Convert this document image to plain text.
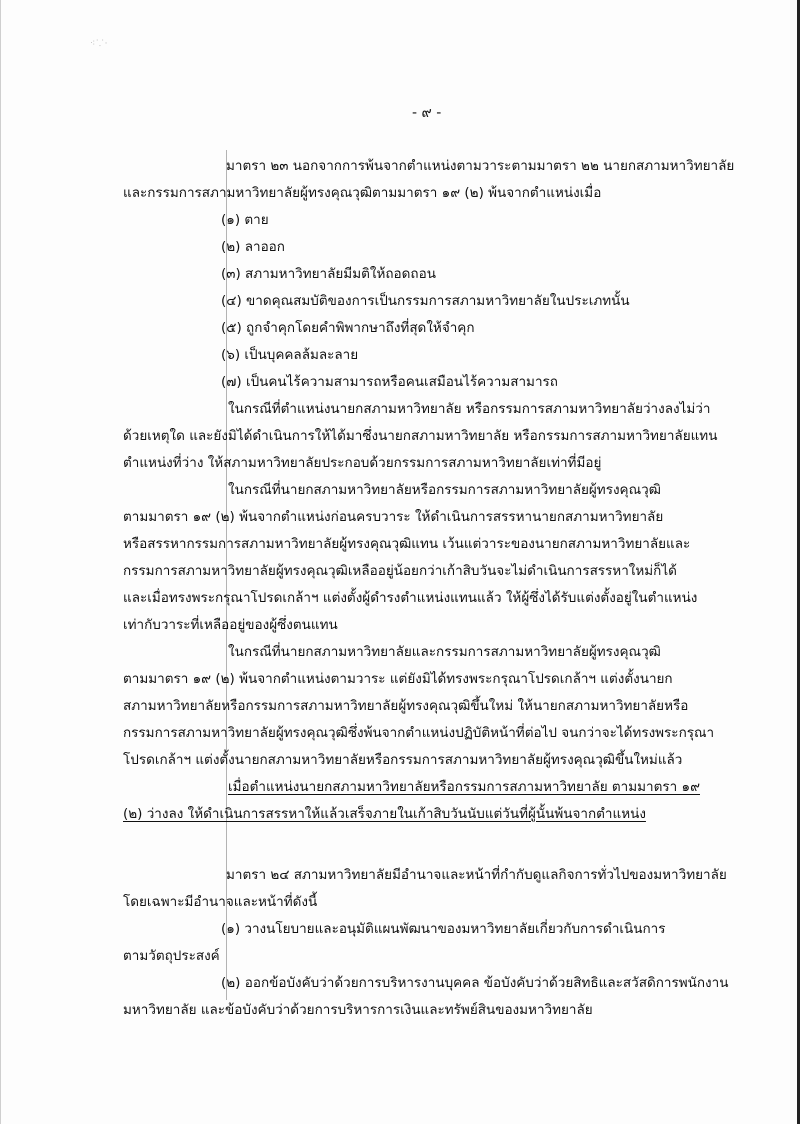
⁖⸪·
- ๙ -
มาตรา ๒๓ นอกจากการพ้นจากตำแหน่งตามวาระตามมาตรา ๒๒ นายกสภามหาวิทยาลัย
และกรรมการสภามหาวิทยาลัยผู้ทรงคุณวุฒิตามมาตรา ๑๙ (๒) พ้นจากตำแหน่งเมื่อ
(๑) ตาย
(๒) ลาออก
(๓) สภามหาวิทยาลัยมีมติให้ถอดถอน
(๔) ขาดคุณสมบัติของการเป็นกรรมการสภามหาวิทยาลัยในประเภทนั้น
(๕) ถูกจำคุกโดยคำพิพากษาถึงที่สุดให้จำคุก
(๖) เป็นบุคคลล้มละลาย
(๗) เป็นคนไร้ความสามารถหรือคนเสมือนไร้ความสามารถ
ในกรณีที่ตำแหน่งนายกสภามหาวิทยาลัย หรือกรรมการสภามหาวิทยาลัยว่างลงไม่ว่า
ด้วยเหตุใด และยังมิได้ดำเนินการให้ได้มาซึ่งนายกสภามหาวิทยาลัย หรือกรรมการสภามหาวิทยาลัยแทน
ตำแหน่งที่ว่าง ให้สภามหาวิทยาลัยประกอบด้วยกรรมการสภามหาวิทยาลัยเท่าที่มีอยู่
ในกรณีที่นายกสภามหาวิทยาลัยหรือกรรมการสภามหาวิทยาลัยผู้ทรงคุณวุฒิ
ตามมาตรา ๑๙ (๒) พ้นจากตำแหน่งก่อนครบวาระ ให้ดำเนินการสรรหานายกสภามหาวิทยาลัย
หรือสรรหากรรมการสภามหาวิทยาลัยผู้ทรงคุณวุฒิแทน เว้นแต่วาระของนายกสภามหาวิทยาลัยและ
กรรมการสภามหาวิทยาลัยผู้ทรงคุณวุฒิเหลืออยู่น้อยกว่าเก้าสิบวันจะไม่ดำเนินการสรรหาใหม่ก็ได้
และเมื่อทรงพระกรุณาโปรดเกล้าฯ แต่งตั้งผู้ดำรงตำแหน่งแทนแล้ว ให้ผู้ซึ่งได้รับแต่งตั้งอยู่ในตำแหน่ง
เท่ากับวาระที่เหลืออยู่ของผู้ซึ่งตนแทน
ในกรณีที่นายกสภามหาวิทยาลัยและกรรมการสภามหาวิทยาลัยผู้ทรงคุณวุฒิ
ตามมาตรา ๑๙ (๒) พ้นจากตำแหน่งตามวาระ แต่ยังมิได้ทรงพระกรุณาโปรดเกล้าฯ แต่งตั้งนายก
สภามหาวิทยาลัยหรือกรรมการสภามหาวิทยาลัยผู้ทรงคุณวุฒิขึ้นใหม่ ให้นายกสภามหาวิทยาลัยหรือ
กรรมการสภามหาวิทยาลัยผู้ทรงคุณวุฒิซึ่งพ้นจากตำแหน่งปฏิบัติหน้าที่ต่อไป จนกว่าจะได้ทรงพระกรุณา
โปรดเกล้าฯ แต่งตั้งนายกสภามหาวิทยาลัยหรือกรรมการสภามหาวิทยาลัยผู้ทรงคุณวุฒิขึ้นใหม่แล้ว
เมื่อตำแหน่งนายกสภามหาวิทยาลัยหรือกรรมการสภามหาวิทยาลัย ตามมาตรา ๑๙
(๒) ว่างลง ให้ดำเนินการสรรหาให้แล้วเสร็จภายในเก้าสิบวันนับแต่วันที่ผู้นั้นพ้นจากตำแหน่ง
มาตรา ๒๔ สภามหาวิทยาลัยมีอำนาจและหน้าที่กำกับดูแลกิจการทั่วไปของมหาวิทยาลัย
โดยเฉพาะมีอำนาจและหน้าที่ดังนี้
(๑) วางนโยบายและอนุมัติแผนพัฒนาของมหาวิทยาลัยเกี่ยวกับการดำเนินการ
ตามวัตถุประสงค์
(๒) ออกข้อบังคับว่าด้วยการบริหารงานบุคคล ข้อบังคับว่าด้วยสิทธิและสวัสดิการพนักงาน
มหาวิทยาลัย และข้อบังคับว่าด้วยการบริหารการเงินและทรัพย์สินของมหาวิทยาลัย
